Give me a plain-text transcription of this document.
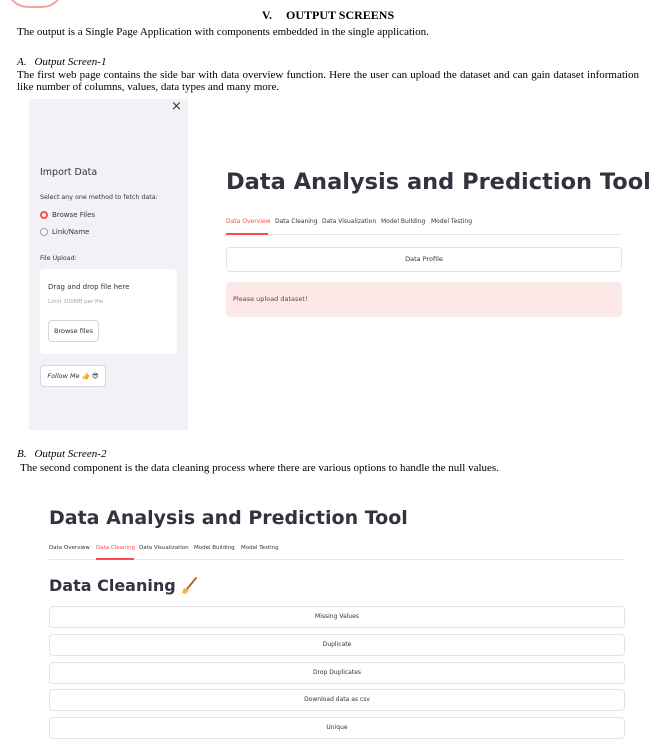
V. OUTPUT SCREENS
The output is a Single Page Application with components embedded in the single application.
A. Output Screen-1
The first web page contains the side bar with data overview function. Here the user can upload the dataset and can gain dataset information like number of columns, values, data types and many more.
×
Import Data
Select any one method to fetch data:
Browse Files
Link/Name
File Upload:
Drag and drop file here
Limit 200MB per file
Browse files
Follow Me 👍 😎
Data Analysis and Prediction Tool
Data Overview Data Cleaning Data Visualization Model Building Model Testing
Data Profile
Please upload dataset!
B. Output Screen-2
The second component is the data cleaning process where there are various options to handle the null values.
Data Analysis and Prediction Tool
Data Overview Data Cleaning Data Visualization Model Building Model Testing
Data Cleaning
Missing Values
Duplicate
Drop Duplicates
Download data as csv
Unique
